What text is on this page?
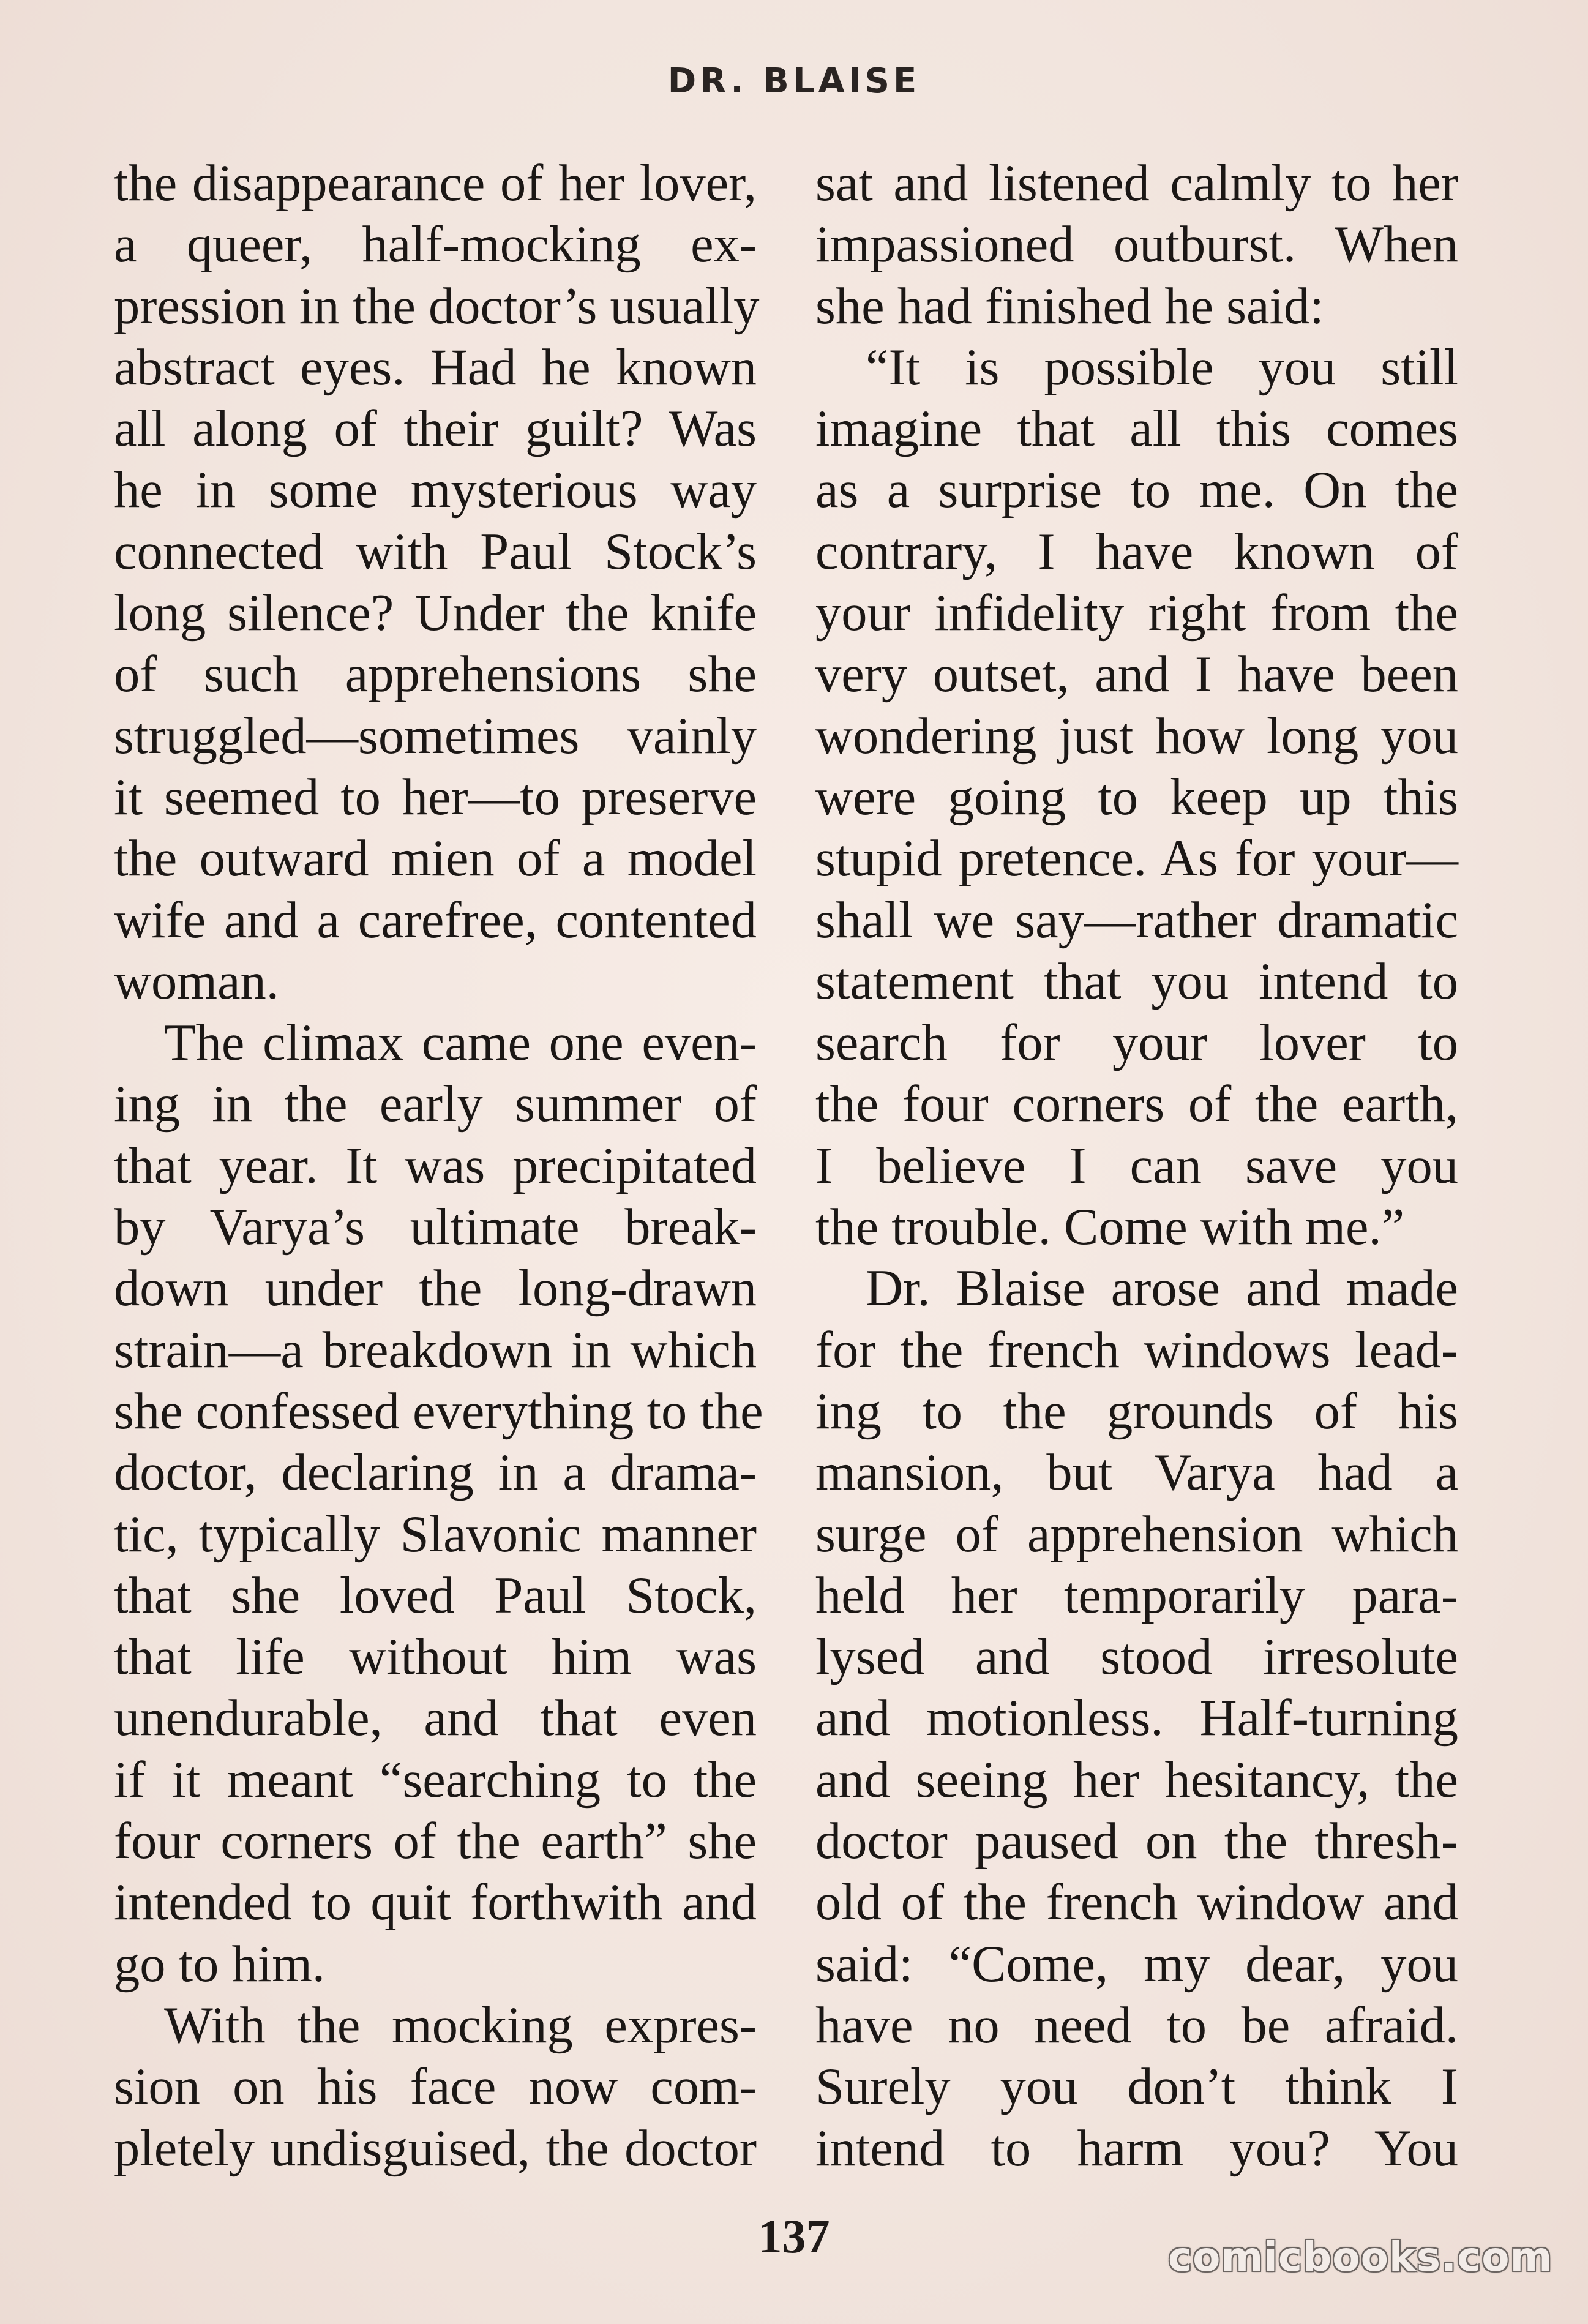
DR. BLAISE
the disappearance of her lover,
a queer, half-mocking ex-
pression in the doctor’s usually
abstract eyes. Had he known
all along of their guilt? Was
he in some mysterious way
connected with Paul Stock’s
long silence? Under the knife
of such apprehensions she
struggled—sometimes vainly
it seemed to her—to preserve
the outward mien of a model
wife and a carefree, contented
woman.
The climax came one even-
ing in the early summer of
that year. It was precipitated
by Varya’s ultimate break-
down under the long-drawn
strain—a breakdown in which
she confessed everything to the
doctor, declaring in a drama-
tic, typically Slavonic manner
that she loved Paul Stock,
that life without him was
unendurable, and that even
if it meant “searching to the
four corners of the earth” she
intended to quit forthwith and
go to him.
With the mocking expres-
sion on his face now com-
pletely undisguised, the doctor
sat and listened calmly to her
impassioned outburst. When
she had finished he said:
“It is possible you still
imagine that all this comes
as a surprise to me. On the
contrary, I have known of
your infidelity right from the
very outset, and I have been
wondering just how long you
were going to keep up this
stupid pretence. As for your—
shall we say—rather dramatic
statement that you intend to
search for your lover to
the four corners of the earth,
I believe I can save you
the trouble. Come with me.”
Dr. Blaise arose and made
for the french windows lead-
ing to the grounds of his
mansion, but Varya had a
surge of apprehension which
held her temporarily para-
lysed and stood irresolute
and motionless. Half-turning
and seeing her hesitancy, the
doctor paused on the thresh-
old of the french window and
said: “Come, my dear, you
have no need to be afraid.
Surely you don’t think I
intend to harm you? You
137	comicbooks.com
